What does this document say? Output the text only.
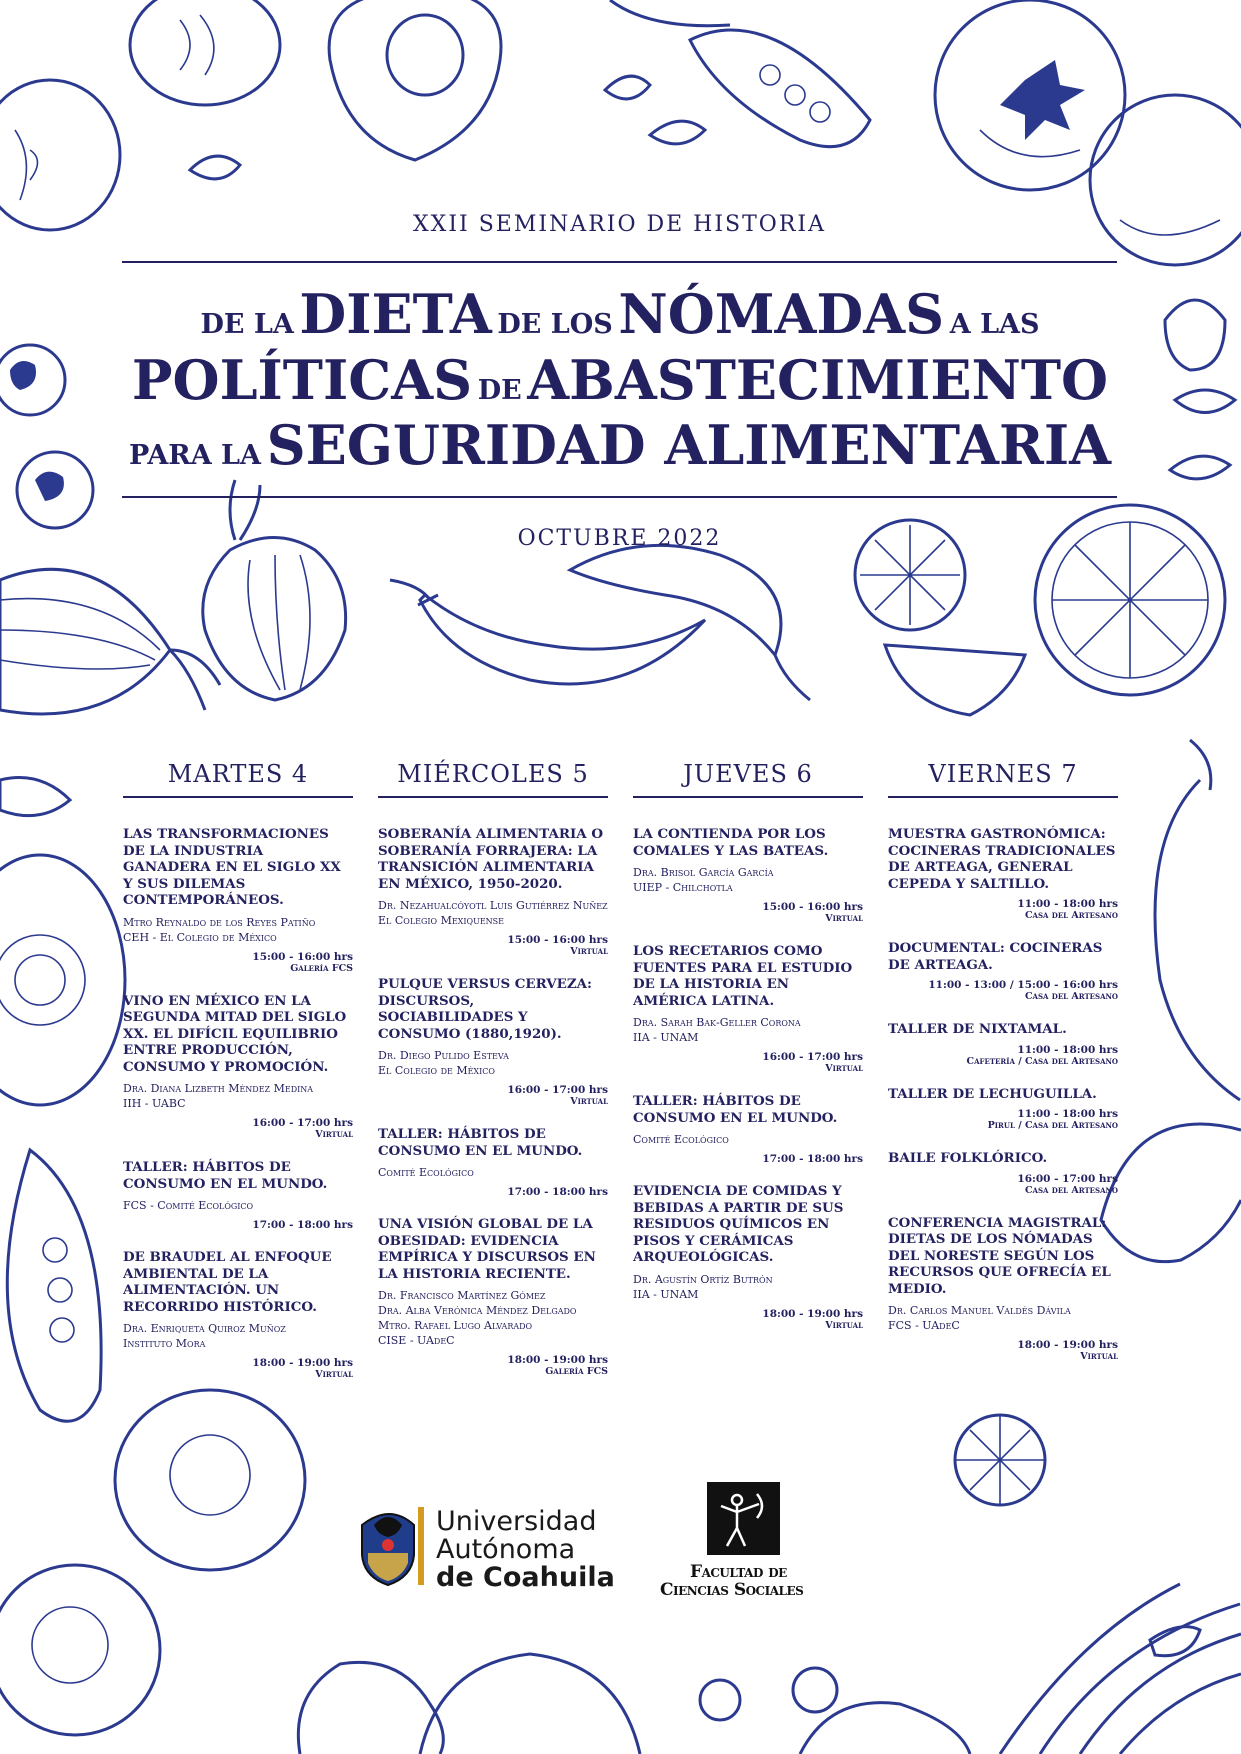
XXII SEMINARIO DE HISTORIA
DE LA DIETA DE LOS NÓMADAS A LAS
POLÍTICAS DE ABASTECIMIENTO
PARA LA SEGURIDAD ALIMENTARIA
OCTUBRE 2022
MARTES 4
LAS TRANSFORMACIONES DE LA INDUSTRIA GANADERA EN EL SIGLO XX Y SUS DILEMAS CONTEMPORÁNEOS.
Mtro Reynaldo de los Reyes Patiño
CEH - El Colegio de México
15:00 - 16:00 hrs
Galería FCS
VINO EN MÉXICO EN LA SEGUNDA MITAD DEL SIGLO XX. EL DIFÍCIL EQUILIBRIO ENTRE PRODUCCIÓN, CONSUMO Y PROMOCIÓN.
Dra. Diana Lizbeth Méndez Medina
IIH - UABC
16:00 - 17:00 hrs
Virtual
TALLER: HÁBITOS DE CONSUMO EN EL MUNDO.
FCS - Comité Ecológico
17:00 - 18:00 hrs
DE BRAUDEL AL ENFOQUE AMBIENTAL DE LA ALIMENTACIÓN. UN RECORRIDO HISTÓRICO.
Dra. Enriqueta Quiroz Muñoz
Instituto Mora
18:00 - 19:00 hrs
Virtual
MIÉRCOLES 5
SOBERANÍA ALIMENTARIA O SOBERANÍA FORRAJERA: LA TRANSICIÓN ALIMENTARIA EN MÉXICO, 1950-2020.
Dr. Nezahualcóyotl Luis Gutiérrez Nuñez
El Colegio Mexiquense
15:00 - 16:00 hrs
Virtual
PULQUE VERSUS CERVEZA: DISCURSOS, SOCIABILIDADES Y CONSUMO (1880,1920).
Dr. Diego Pulido Esteva
El Colegio de México
16:00 - 17:00 hrs
Virtual
TALLER: HÁBITOS DE CONSUMO EN EL MUNDO.
Comité Ecológico
17:00 - 18:00 hrs
UNA VISIÓN GLOBAL DE LA OBESIDAD: EVIDENCIA EMPÍRICA Y DISCURSOS EN LA HISTORIA RECIENTE.
Dr. Francisco Martínez Gómez
Dra. Alba Verónica Méndez Delgado
Mtro. Rafael Lugo Alvarado
CISE - UAdeC
18:00 - 19:00 hrs
Galería FCS
JUEVES 6
LA CONTIENDA POR LOS COMALES Y LAS BATEAS.
Dra. Brisol García García
UIEP - Chilchotla
15:00 - 16:00 hrs
Virtual
LOS RECETARIOS COMO FUENTES PARA EL ESTUDIO DE LA HISTORIA EN AMÉRICA LATINA.
Dra. Sarah Bak-Geller Corona
IIA - UNAM
16:00 - 17:00 hrs
Virtual
TALLER: HÁBITOS DE CONSUMO EN EL MUNDO.
Comité Ecológico
17:00 - 18:00 hrs
EVIDENCIA DE COMIDAS Y BEBIDAS A PARTIR DE SUS RESIDUOS QUÍMICOS EN PISOS Y CERÁMICAS ARQUEOLÓGICAS.
Dr. Agustín Ortíz Butrón
IIA - UNAM
18:00 - 19:00 hrs
Virtual
VIERNES 7
MUESTRA GASTRONÓMICA: COCINERAS TRADICIONALES DE ARTEAGA, GENERAL CEPEDA Y SALTILLO.
11:00 - 18:00 hrs
Casa del Artesano
DOCUMENTAL: COCINERAS DE ARTEAGA.
11:00 - 13:00 / 15:00 - 16:00 hrs
Casa del Artesano
TALLER DE NIXTAMAL.
11:00 - 18:00 hrs
Cafetería / Casa del Artesano
TALLER DE LECHUGUILLA.
11:00 - 18:00 hrs
Pirul / Casa del Artesano
BAILE FOLKLÓRICO.
16:00 - 17:00 hrs
Casa del Artesano
CONFERENCIA MAGISTRAL: DIETAS DE LOS NÓMADAS DEL NORESTE SEGÚN LOS RECURSOS QUE OFRECÍA EL MEDIO.
Dr. Carlos Manuel Valdés Dávila
FCS - UAdeC
18:00 - 19:00 hrs
Virtual
Universidad
Autónoma
de Coahuila	Facultad de
Ciencias Sociales
